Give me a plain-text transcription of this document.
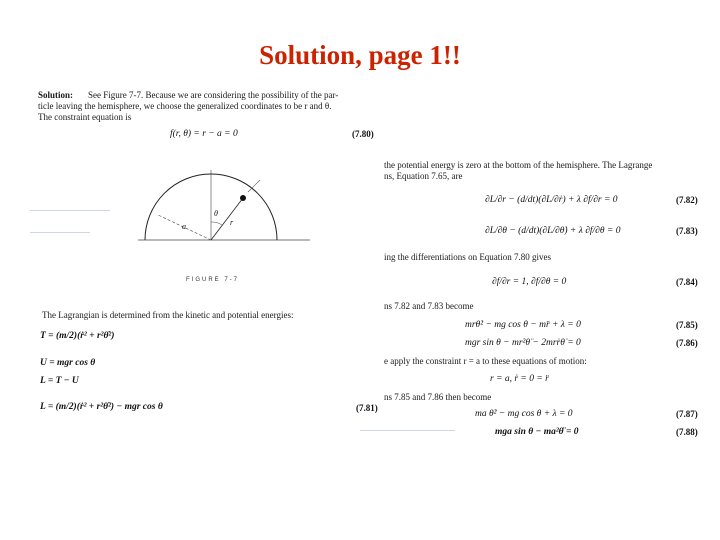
Solution, page 1!!
Solution: See Figure 7-7. Because we are considering the possibility of the par-
ticle leaving the hemisphere, we choose the generalized coordinates to be r and θ.
The constraint equation is
f(r, θ) = r − a = 0	(7.80)
θ
r
a
FIGURE 7-7
The Lagrangian is determined from the kinetic and potential energies:
T = (m/2)(ṙ² + r²θ̇²)
U = mgr cos θ
L = T − U
L = (m/2)(ṙ² + r²θ̇²) − mgr cos θ	(7.81)
the potential energy is zero at the bottom of the hemisphere. The Lagrange
ns, Equation 7.65, are
∂L/∂r − (d/dt)(∂L/∂ṙ) + λ ∂f/∂r = 0	(7.82)
∂L/∂θ − (d/dt)(∂L/∂θ̇) + λ ∂f/∂θ = 0	(7.83)
ing the differentiations on Equation 7.80 gives
∂f/∂r = 1, ∂f/∂θ = 0	(7.84)
ns 7.82 and 7.83 become
mrθ̇² − mg cos θ − mr̈ + λ = 0	(7.85)
mgr sin θ − mr²θ̈ − 2mrṙθ̇ = 0	(7.86)
e apply the constraint r = a to these equations of motion:
r = a, ṙ = 0 = r̈
ns 7.85 and 7.86 then become
ma θ̇² − mg cos θ + λ = 0	(7.87)
mga sin θ − ma²θ̈ = 0	(7.88)
